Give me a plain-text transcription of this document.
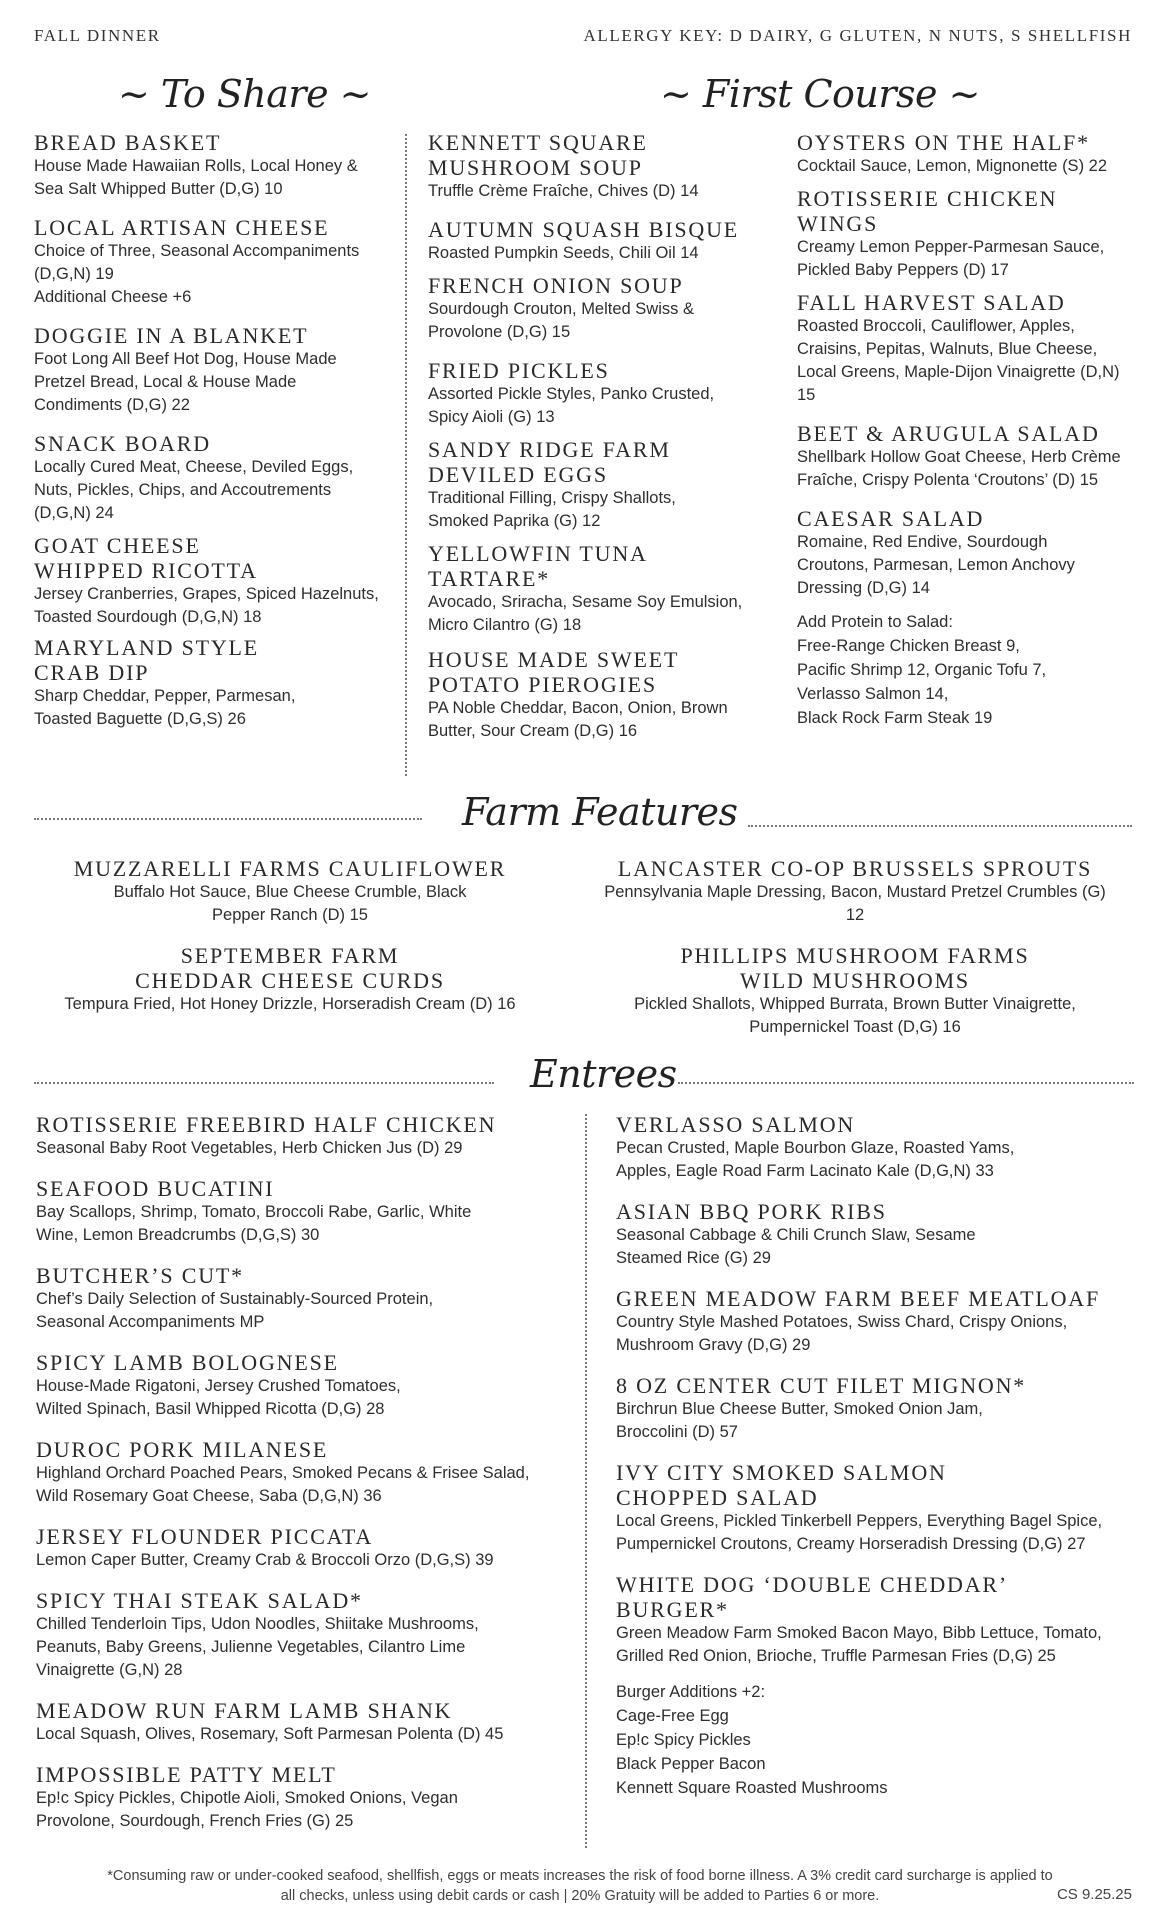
FALL DINNER	ALLERGY KEY: D DAIRY, G GLUTEN, N NUTS, S SHELLFISH
~ To Share ~	~ First Course ~
BREAD BASKET
House Made Hawaiian Rolls, Local Honey & Sea Salt Whipped Butter (D,G) 10
LOCAL ARTISAN CHEESE
Choice of Three, Seasonal Accompaniments (D,G,N) 19
Additional Cheese +6
DOGGIE IN A BLANKET
Foot Long All Beef Hot Dog, House Made Pretzel Bread, Local & House Made Condiments (D,G) 22
SNACK BOARD
Locally Cured Meat, Cheese, Deviled Eggs, Nuts, Pickles, Chips, and Accoutrements (D,G,N) 24
GOAT CHEESE WHIPPED RICOTTA
Jersey Cranberries, Grapes, Spiced Hazelnuts, Toasted Sourdough (D,G,N) 18
MARYLAND STYLE CRAB DIP
Sharp Cheddar, Pepper, Parmesan, Toasted Baguette (D,G,S) 26
KENNETT SQUARE MUSHROOM SOUP
Truffle Crème Fraîche, Chives (D) 14
AUTUMN SQUASH BISQUE
Roasted Pumpkin Seeds, Chili Oil 14
FRENCH ONION SOUP
Sourdough Crouton, Melted Swiss & Provolone (D,G) 15
FRIED PICKLES
Assorted Pickle Styles, Panko Crusted, Spicy Aioli (G) 13
SANDY RIDGE FARM DEVILED EGGS
Traditional Filling, Crispy Shallots, Smoked Paprika (G) 12
YELLOWFIN TUNA TARTARE*
Avocado, Sriracha, Sesame Soy Emulsion, Micro Cilantro (G) 18
HOUSE MADE SWEET POTATO PIEROGIES
PA Noble Cheddar, Bacon, Onion, Brown Butter, Sour Cream (D,G) 16
OYSTERS ON THE HALF*
Cocktail Sauce, Lemon, Mignonette (S) 22
ROTISSERIE CHICKEN WINGS
Creamy Lemon Pepper-Parmesan Sauce, Pickled Baby Peppers (D) 17
FALL HARVEST SALAD
Roasted Broccoli, Cauliflower, Apples, Craisins, Pepitas, Walnuts, Blue Cheese, Local Greens, Maple-Dijon Vinaigrette (D,N) 15
BEET & ARUGULA SALAD
Shellbark Hollow Goat Cheese, Herb Crème Fraîche, Crispy Polenta ‘Croutons’ (D) 15
CAESAR SALAD
Romaine, Red Endive, Sourdough Croutons, Parmesan, Lemon Anchovy Dressing (D,G) 14
Add Protein to Salad:
Free-Range Chicken Breast 9,
Pacific Shrimp 12, Organic Tofu 7,
Verlasso Salmon 14,
Black Rock Farm Steak 19
Farm Features
MUZZARELLI FARMS CAULIFLOWER
Buffalo Hot Sauce, Blue Cheese Crumble, Black Pepper Ranch (D) 15
SEPTEMBER FARM CHEDDAR CHEESE CURDS
Tempura Fried, Hot Honey Drizzle, Horseradish Cream (D) 16
LANCASTER CO-OP BRUSSELS SPROUTS
Pennsylvania Maple Dressing, Bacon, Mustard Pretzel Crumbles (G) 12
PHILLIPS MUSHROOM FARMS WILD MUSHROOMS
Pickled Shallots, Whipped Burrata, Brown Butter Vinaigrette, Pumpernickel Toast (D,G) 16
Entrees
ROTISSERIE FREEBIRD HALF CHICKEN
Seasonal Baby Root Vegetables, Herb Chicken Jus (D) 29
SEAFOOD BUCATINI
Bay Scallops, Shrimp, Tomato, Broccoli Rabe, Garlic, White Wine, Lemon Breadcrumbs (D,G,S) 30
BUTCHER’S CUT*
Chef’s Daily Selection of Sustainably-Sourced Protein, Seasonal Accompaniments MP
SPICY LAMB BOLOGNESE
House-Made Rigatoni, Jersey Crushed Tomatoes, Wilted Spinach, Basil Whipped Ricotta (D,G) 28
DUROC PORK MILANESE
Highland Orchard Poached Pears, Smoked Pecans & Frisee Salad, Wild Rosemary Goat Cheese, Saba (D,G,N) 36
JERSEY FLOUNDER PICCATA
Lemon Caper Butter, Creamy Crab & Broccoli Orzo (D,G,S) 39
SPICY THAI STEAK SALAD*
Chilled Tenderloin Tips, Udon Noodles, Shiitake Mushrooms, Peanuts, Baby Greens, Julienne Vegetables, Cilantro Lime Vinaigrette (G,N) 28
MEADOW RUN FARM LAMB SHANK
Local Squash, Olives, Rosemary, Soft Parmesan Polenta (D) 45
IMPOSSIBLE PATTY MELT
Ep!c Spicy Pickles, Chipotle Aioli, Smoked Onions, Vegan Provolone, Sourdough, French Fries (G) 25
VERLASSO SALMON
Pecan Crusted, Maple Bourbon Glaze, Roasted Yams, Apples, Eagle Road Farm Lacinato Kale (D,G,N) 33
ASIAN BBQ PORK RIBS
Seasonal Cabbage & Chili Crunch Slaw, Sesame Steamed Rice (G) 29
GREEN MEADOW FARM BEEF MEATLOAF
Country Style Mashed Potatoes, Swiss Chard, Crispy Onions, Mushroom Gravy (D,G) 29
8 OZ CENTER CUT FILET MIGNON*
Birchrun Blue Cheese Butter, Smoked Onion Jam, Broccolini (D) 57
IVY CITY SMOKED SALMON CHOPPED SALAD
Local Greens, Pickled Tinkerbell Peppers, Everything Bagel Spice, Pumpernickel Croutons, Creamy Horseradish Dressing (D,G) 27
WHITE DOG ‘DOUBLE CHEDDAR’ BURGER*
Green Meadow Farm Smoked Bacon Mayo, Bibb Lettuce, Tomato, Grilled Red Onion, Brioche, Truffle Parmesan Fries (D,G) 25
Burger Additions +2:
Cage-Free Egg
Ep!c Spicy Pickles
Black Pepper Bacon
Kennett Square Roasted Mushrooms
*Consuming raw or under-cooked seafood, shellfish, eggs or meats increases the risk of food borne illness. A 3% credit card surcharge is applied to all checks, unless using debit cards or cash | 20% Gratuity will be added to Parties 6 or more.	CS 9.25.25
